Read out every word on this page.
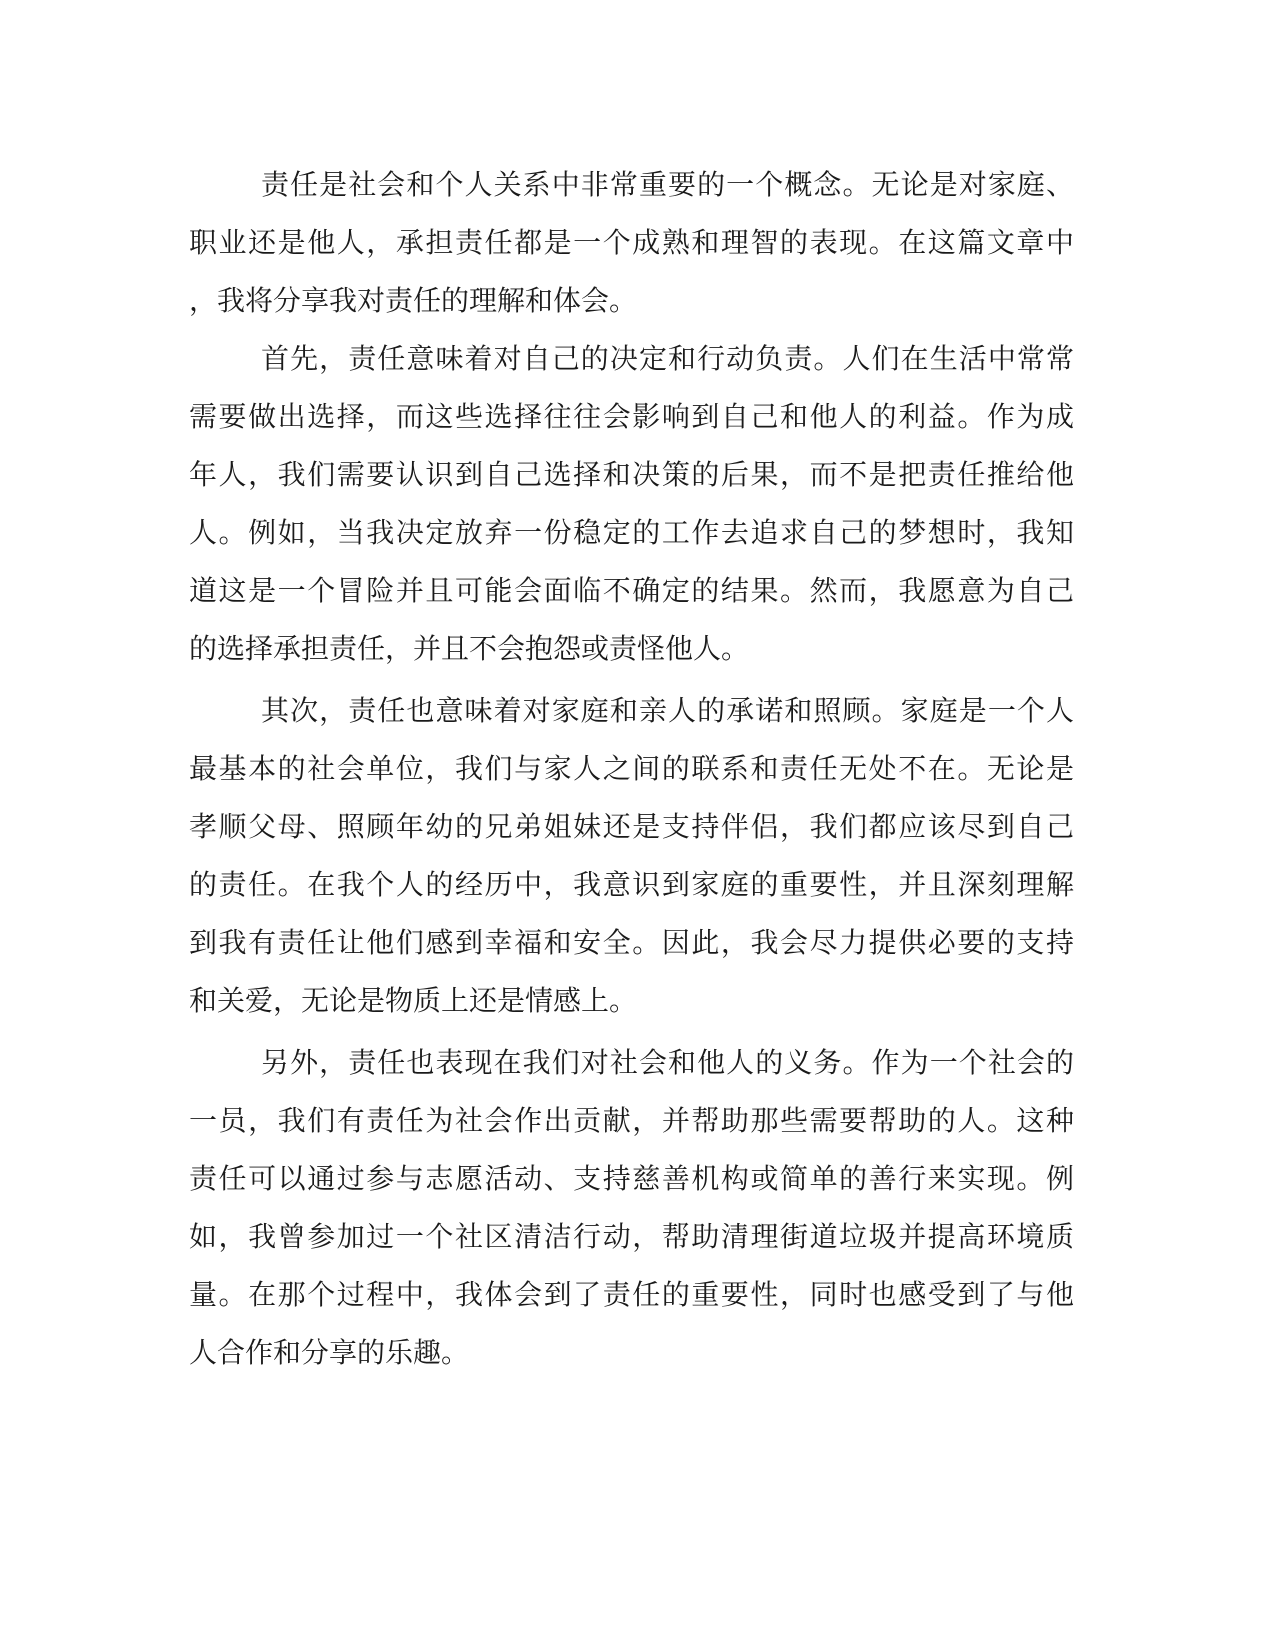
责任是社会和个人关系中非常重要的一个概念。无论是对家庭、
职业还是他人，承担责任都是一个成熟和理智的表现。在这篇文章中
，我将分享我对责任的理解和体会。
首先，责任意味着对自己的决定和行动负责。人们在生活中常常
需要做出选择，而这些选择往往会影响到自己和他人的利益。作为成
年人，我们需要认识到自己选择和决策的后果，而不是把责任推给他
人。例如，当我决定放弃一份稳定的工作去追求自己的梦想时，我知
道这是一个冒险并且可能会面临不确定的结果。然而，我愿意为自己
的选择承担责任，并且不会抱怨或责怪他人。
其次，责任也意味着对家庭和亲人的承诺和照顾。家庭是一个人
最基本的社会单位，我们与家人之间的联系和责任无处不在。无论是
孝顺父母、照顾年幼的兄弟姐妹还是支持伴侣，我们都应该尽到自己
的责任。在我个人的经历中，我意识到家庭的重要性，并且深刻理解
到我有责任让他们感到幸福和安全。因此，我会尽力提供必要的支持
和关爱，无论是物质上还是情感上。
另外，责任也表现在我们对社会和他人的义务。作为一个社会的
一员，我们有责任为社会作出贡献，并帮助那些需要帮助的人。这种
责任可以通过参与志愿活动、支持慈善机构或简单的善行来实现。例
如，我曾参加过一个社区清洁行动，帮助清理街道垃圾并提高环境质
量。在那个过程中，我体会到了责任的重要性，同时也感受到了与他
人合作和分享的乐趣。
